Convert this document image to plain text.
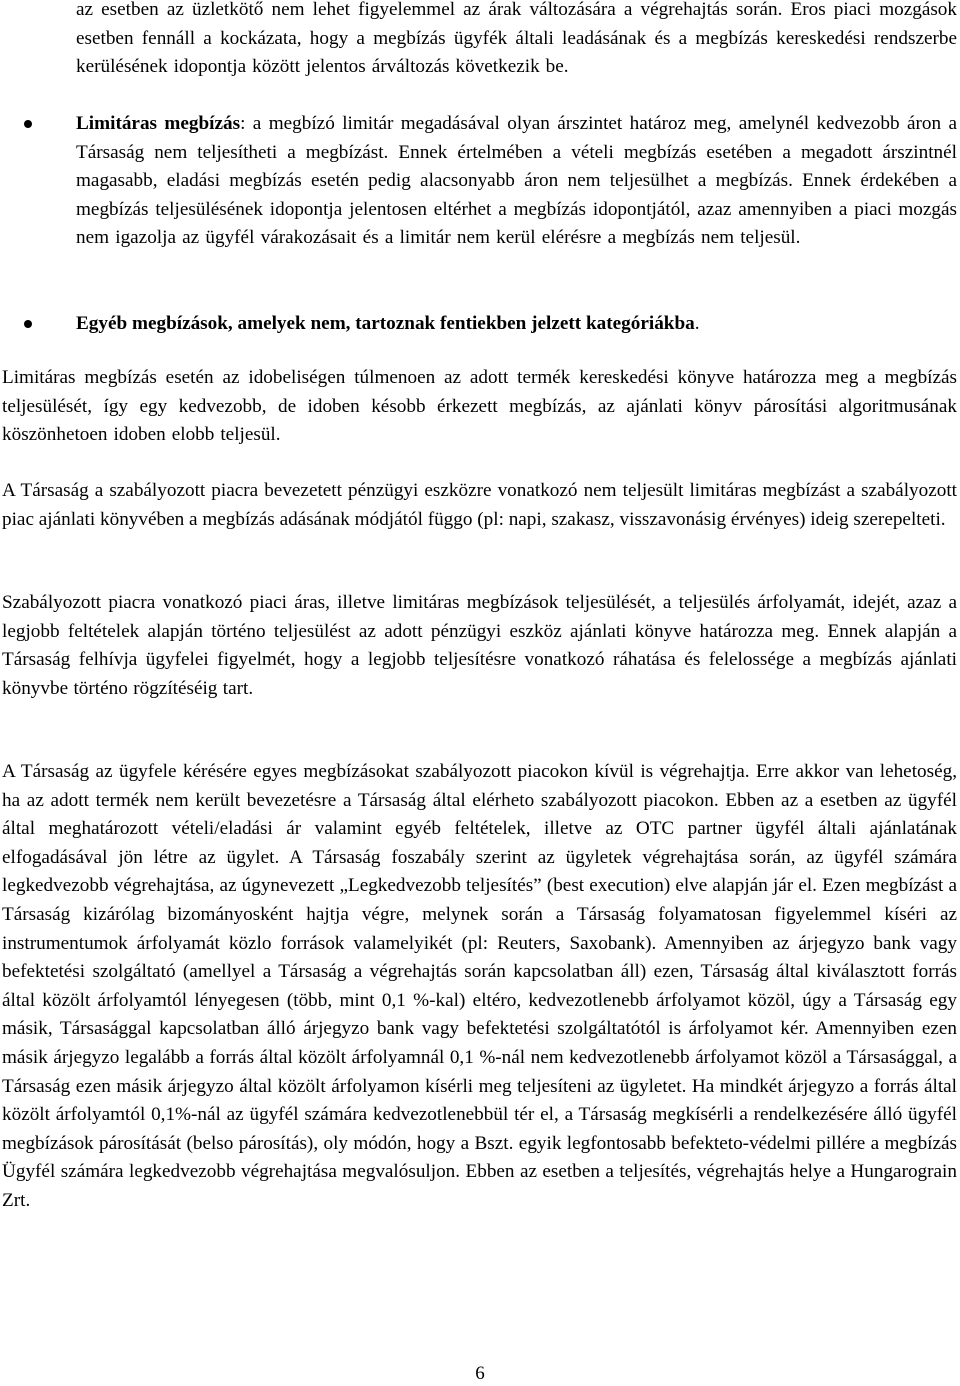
az esetben az üzletkötő nem lehet figyelemmel az árak változására a végrehajtás során. Eros piaci mozgások esetben fennáll a kockázata, hogy a megbízás ügyfék általi leadásának és a megbízás kereskedési rendszerbe kerülésének idopontja között jelentos árváltozás következik be.
Limitáras megbízás: a megbízó limitár megadásával olyan árszintet határoz meg, amelynél kedvezobb áron a Társaság nem teljesítheti a megbízást. Ennek értelmében a vételi megbízás esetében a megadott árszintnél magasabb, eladási megbízás esetén pedig alacsonyabb áron nem teljesülhet a megbízás. Ennek érdekében a megbízás teljesülésének idopontja jelentosen eltérhet a megbízás idopontjától, azaz amennyiben a piaci mozgás nem igazolja az ügyfél várakozásait és a limitár nem kerül elérésre a megbízás nem teljesül.
Egyéb megbízások, amelyek nem, tartoznak fentiekben jelzett kategóriákba.

Limitáras megbízás esetén az idobeliségen túlmenoen az adott termék kereskedési könyve határozza meg a megbízás teljesülését, így egy kedvezobb, de idoben késobb érkezett megbízás, az ajánlati könyv párosítási algoritmusának köszönhetoen idoben elobb teljesül.

A Társaság a szabályozott piacra bevezetett pénzügyi eszközre vonatkozó nem teljesült limitáras megbízást a szabályozott piac ajánlati könyvében a megbízás adásának módjától függo (pl: napi, szakasz, visszavonásig érvényes) ideig szerepelteti.

Szabályozott piacra vonatkozó piaci áras, illetve limitáras megbízások teljesülését, a teljesülés árfolyamát, idejét, azaz a legjobb feltételek alapján történo teljesülést az adott pénzügyi eszköz ajánlati könyve határozza meg. Ennek alapján a Társaság felhívja ügyfelei figyelmét, hogy a legjobb teljesítésre vonatkozó ráhatása és felelossége a megbízás ajánlati könyvbe történo rögzítéséig tart.

A Társaság az ügyfele kérésére egyes megbízásokat szabályozott piacokon kívül is végrehajtja. Erre akkor van lehetoség, ha az adott termék nem került bevezetésre a Társaság által elérheto szabályozott piacokon. Ebben az a esetben az ügyfél által meghatározott vételi/eladási ár valamint egyéb feltételek, illetve az OTC partner ügyfél általi ajánlatának elfogadásával jön létre az ügylet. A Társaság foszabály szerint az ügyletek végrehajtása során, az ügyfél számára legkedvezobb végrehajtása, az úgynevezett „Legkedvezobb teljesítés” (best execution) elve alapján jár el. Ezen megbízást a Társaság kizárólag bizományosként hajtja végre, melynek során a Társaság folyamatosan figyelemmel kíséri az instrumentumok árfolyamát közlo források valamelyikét (pl: Reuters, Saxobank). Amennyiben az árjegyzo bank vagy befektetési szolgáltató (amellyel a Társaság a végrehajtás során kapcsolatban áll) ezen, Társaság által kiválasztott forrás által közölt árfolyamtól lényegesen (több, mint 0,1 %-kal) eltéro, kedvezotlenebb árfolyamot közöl, úgy a Társaság egy másik, Társasággal kapcsolatban álló árjegyzo bank vagy befektetési szolgáltatótól is árfolyamot kér. Amennyiben ezen másik árjegyzo legalább a forrás által közölt árfolyamnál 0,1 %-nál nem kedvezotlenebb árfolyamot közöl a Társasággal, a Társaság ezen másik árjegyzo által közölt árfolyamon kísérli meg teljesíteni az ügyletet. Ha mindkét árjegyzo a forrás által közölt árfolyamtól 0,1%-nál az ügyfél számára kedvezotlenebbül tér el, a Társaság megkísérli a rendelkezésére álló ügyfél megbízások párosítását (belso párosítás), oly módón, hogy a Bszt. egyik legfontosabb befekteto-védelmi pillére a megbízás Ügyfél számára legkedvezobb végrehajtása megvalósuljon. Ebben az esetben a teljesítés, végrehajtás helye a Hungarograin Zrt.

6
